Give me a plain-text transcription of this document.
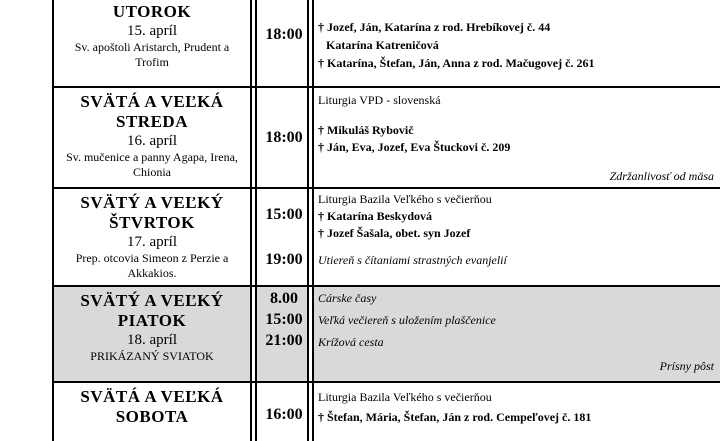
UTOROK
15. apríl
Sv. apoštoli Aristarch, Prudent a Trofim
18:00	† Jozef, Ján, Katarína z rod. Hrebíkovej č. 44
Katarína Katreničová
† Katarína, Štefan, Ján, Anna z rod. Mačugovej č. 261
SVÄTÁ A VEĽKÁ
STREDA
16. apríl
Sv. mučenice a panny Agapa, Irena, Chionia
18:00
Liturgia VPD - slovenská
† Mikuláš Rybovič
† Ján, Eva, Jozef, Eva Štuckovi č. 209
Zdržanlivosť od mäsa
SVÄTÝ A VEĽKÝ
ŠTVRTOK
17. apríl
Prep. otcovia Simeon z Perzie a Akkakios.
15:00
19:00
Liturgia Bazila Veľkého s večierňou
† Katarína Beskydová
† Jozef Šašala, obet. syn Jozef
Utiereň s čítaniami strastných evanjelií
SVÄTÝ A VEĽKÝ
PIATOK
18. apríl
PRIKÁZANÝ SVIATOK
8.00
15:00
21:00
Cárske časy
Veľká večiereň s uložením plaščenice
Krížová cesta
Prísny pôst
SVÄTÁ A VEĽKÁ
SOBOTA	16:00
Liturgia Bazila Veľkého s večierňou
† Štefan, Mária, Štefan, Ján z rod. Cempeľovej č. 181
